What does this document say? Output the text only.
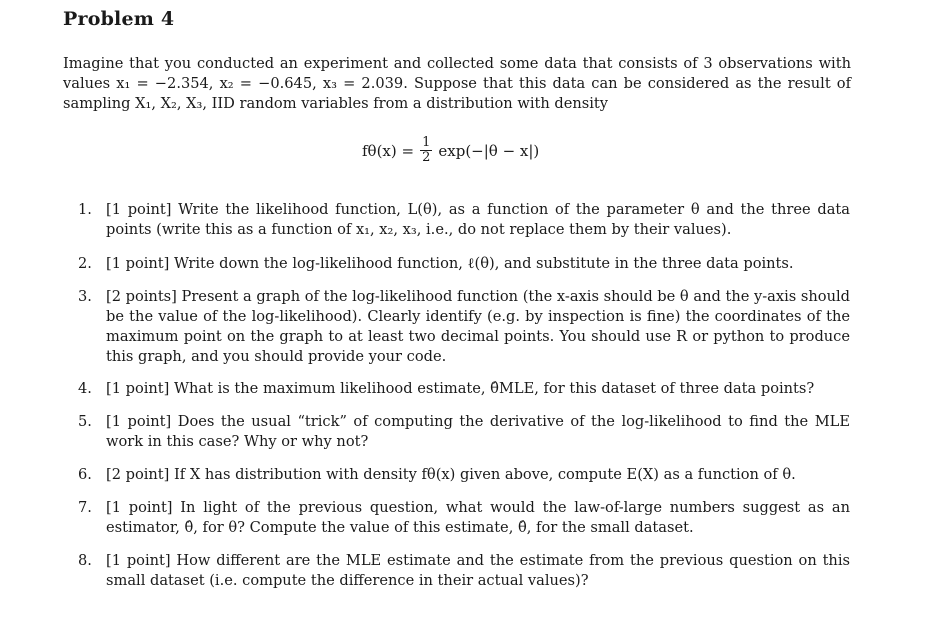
Problem 4

Imagine that you conducted an experiment and collected some data that consists of 3 observations with values x₁ = −2.354, x₂ = −0.645, x₃ = 2.039. Suppose that this data can be considered as the result of sampling X₁, X₂, X₃, IID random variables from a distribution with density

$f\theta(x) = \frac{1}{2} \exp(-|\theta - x|)$
1. [1 point] Write the likelihood function, L(θ), as a function of the parameter θ and the three data points (write this as a function of x₁, x₂, x₃, i.e., do not replace them by their values).
2. [1 point] Write down the log-likelihood function, ℓ(θ), and substitute in the three data points.
3. [2 points] Present a graph of the log-likelihood function (the x-axis should be θ and the y-axis should be the value of the log-likelihood). Clearly identify (e.g. by inspection is fine) the coordinates of the maximum point on the graph to at least two decimal points. You should use R or python to produce this graph, and you should provide your code.
4. [1 point] What is the maximum likelihood estimate, θ̂MLE, for this dataset of three data points?
5. [1 point] Does the usual “trick” of computing the derivative of the log-likelihood to find the MLE work in this case? Why or why not?
6. [2 point] If X has distribution with density fθ(x) given above, compute E(X) as a function of θ.
7. [1 point] In light of the previous question, what would the law-of-large numbers suggest as an estimator, θ̂, for θ? Compute the value of this estimate, θ̂, for the small dataset.
8. [1 point] How different are the MLE estimate and the estimate from the previous question on this small dataset (i.e. compute the difference in their actual values)?
